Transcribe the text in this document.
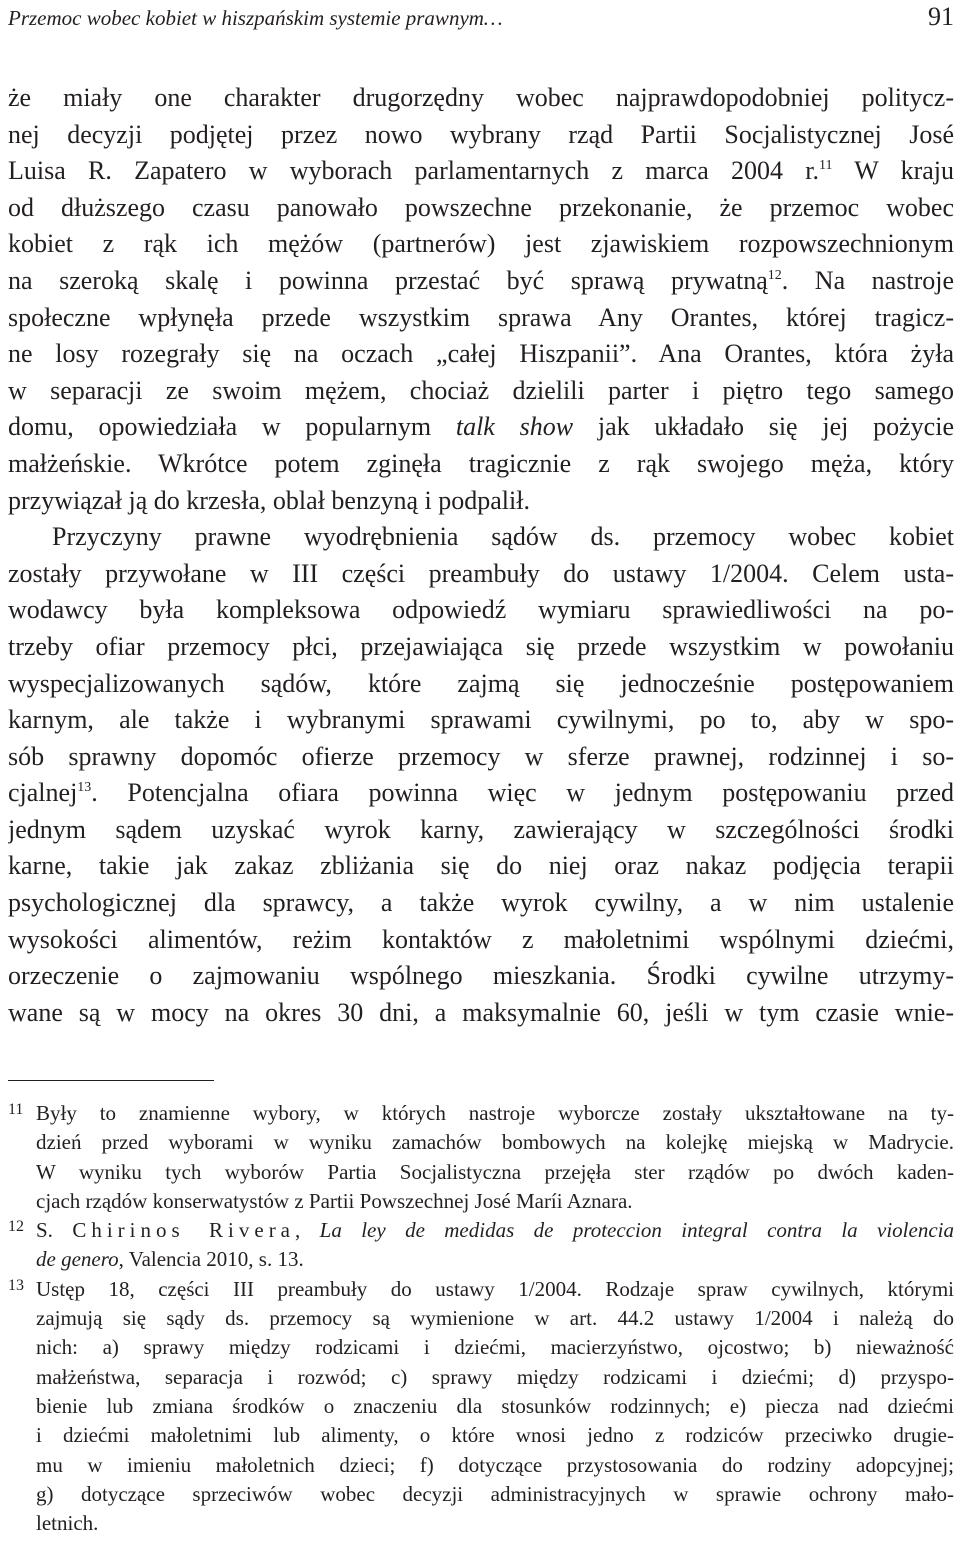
Przemoc wobec kobiet w hiszpańskim systemie prawnym…	91
że miały one charakter drugorzędny wobec najprawdopodobniej politycz-
nej decyzji podjętej przez nowo wybrany rząd Partii Socjalistycznej José
Luisa R. Zapatero w wyborach parlamentarnych z marca 2004 r.$^{11}$ W kraju
od dłuższego czasu panowało powszechne przekonanie, że przemoc wobec
kobiet z rąk ich mężów (partnerów) jest zjawiskiem rozpowszechnionym
na szeroką skalę i powinna przestać być sprawą prywatną$^{12}$. Na nastroje
społeczne wpłynęła przede wszystkim sprawa Any Orantes, której tragicz-
ne losy rozegrały się na oczach „całej Hiszpanii”. Ana Orantes, która żyła
w separacji ze swoim mężem, chociaż dzielili parter i piętro tego samego
domu, opowiedziała w popularnym talk show jak układało się jej pożycie
małżeńskie. Wkrótce potem zginęła tragicznie z rąk swojego męża, który
przywiązał ją do krzesła, oblał benzyną i podpalił.
Przyczyny prawne wyodrębnienia sądów ds. przemocy wobec kobiet
zostały przywołane w III części preambuły do ustawy 1/2004. Celem usta-
wodawcy była kompleksowa odpowiedź wymiaru sprawiedliwości na po-
trzeby ofiar przemocy płci, przejawiająca się przede wszystkim w powołaniu
wyspecjalizowanych sądów, które zajmą się jednocześnie postępowaniem
karnym, ale także i wybranymi sprawami cywilnymi, po to, aby w spo-
sób sprawny dopomóc ofierze przemocy w sferze prawnej, rodzinnej i so-
cjalnej$^{13}$. Potencjalna ofiara powinna więc w jednym postępowaniu przed
jednym sądem uzyskać wyrok karny, zawierający w szczególności środki
karne, takie jak zakaz zbliżania się do niej oraz nakaz podjęcia terapii
psychologicznej dla sprawcy, a także wyrok cywilny, a w nim ustalenie
wysokości alimentów, reżim kontaktów z małoletnimi wspólnymi dziećmi,
orzeczenie o zajmowaniu wspólnego mieszkania. Środki cywilne utrzymy-
wane są w mocy na okres 30 dni, a maksymalnie 60, jeśli w tym czasie wnie-
11 Były to znamienne wybory, w których nastroje wyborcze zostały ukształtowane na ty-
dzień przed wyborami w wyniku zamachów bombowych na kolejkę miejską w Madrycie.
W wyniku tych wyborów Partia Socjalistyczna przejęła ster rządów po dwóch kaden-
cjach rządów konserwatystów z Partii Powszechnej José Maríi Aznara.
12 S. Chirinos Rivera, La ley de medidas de proteccion integral contra la violencia
de genero, Valencia 2010, s. 13.
13 Ustęp 18, części III preambuły do ustawy 1/2004. Rodzaje spraw cywilnych, którymi
zajmują się sądy ds. przemocy są wymienione w art. 44.2 ustawy 1/2004 i należą do
nich: a) sprawy między rodzicami i dziećmi, macierzyństwo, ojcostwo; b) nieważność
małżeństwa, separacja i rozwód; c) sprawy między rodzicami i dziećmi; d) przyspo-
bienie lub zmiana środków o znaczeniu dla stosunków rodzinnych; e) piecza nad dziećmi
i dziećmi małoletnimi lub alimenty, o które wnosi jedno z rodziców przeciwko drugie-
mu w imieniu małoletnich dzieci; f) dotyczące przystosowania do rodziny adopcyjnej;
g) dotyczące sprzeciwów wobec decyzji administracyjnych w sprawie ochrony mało-
letnich.
